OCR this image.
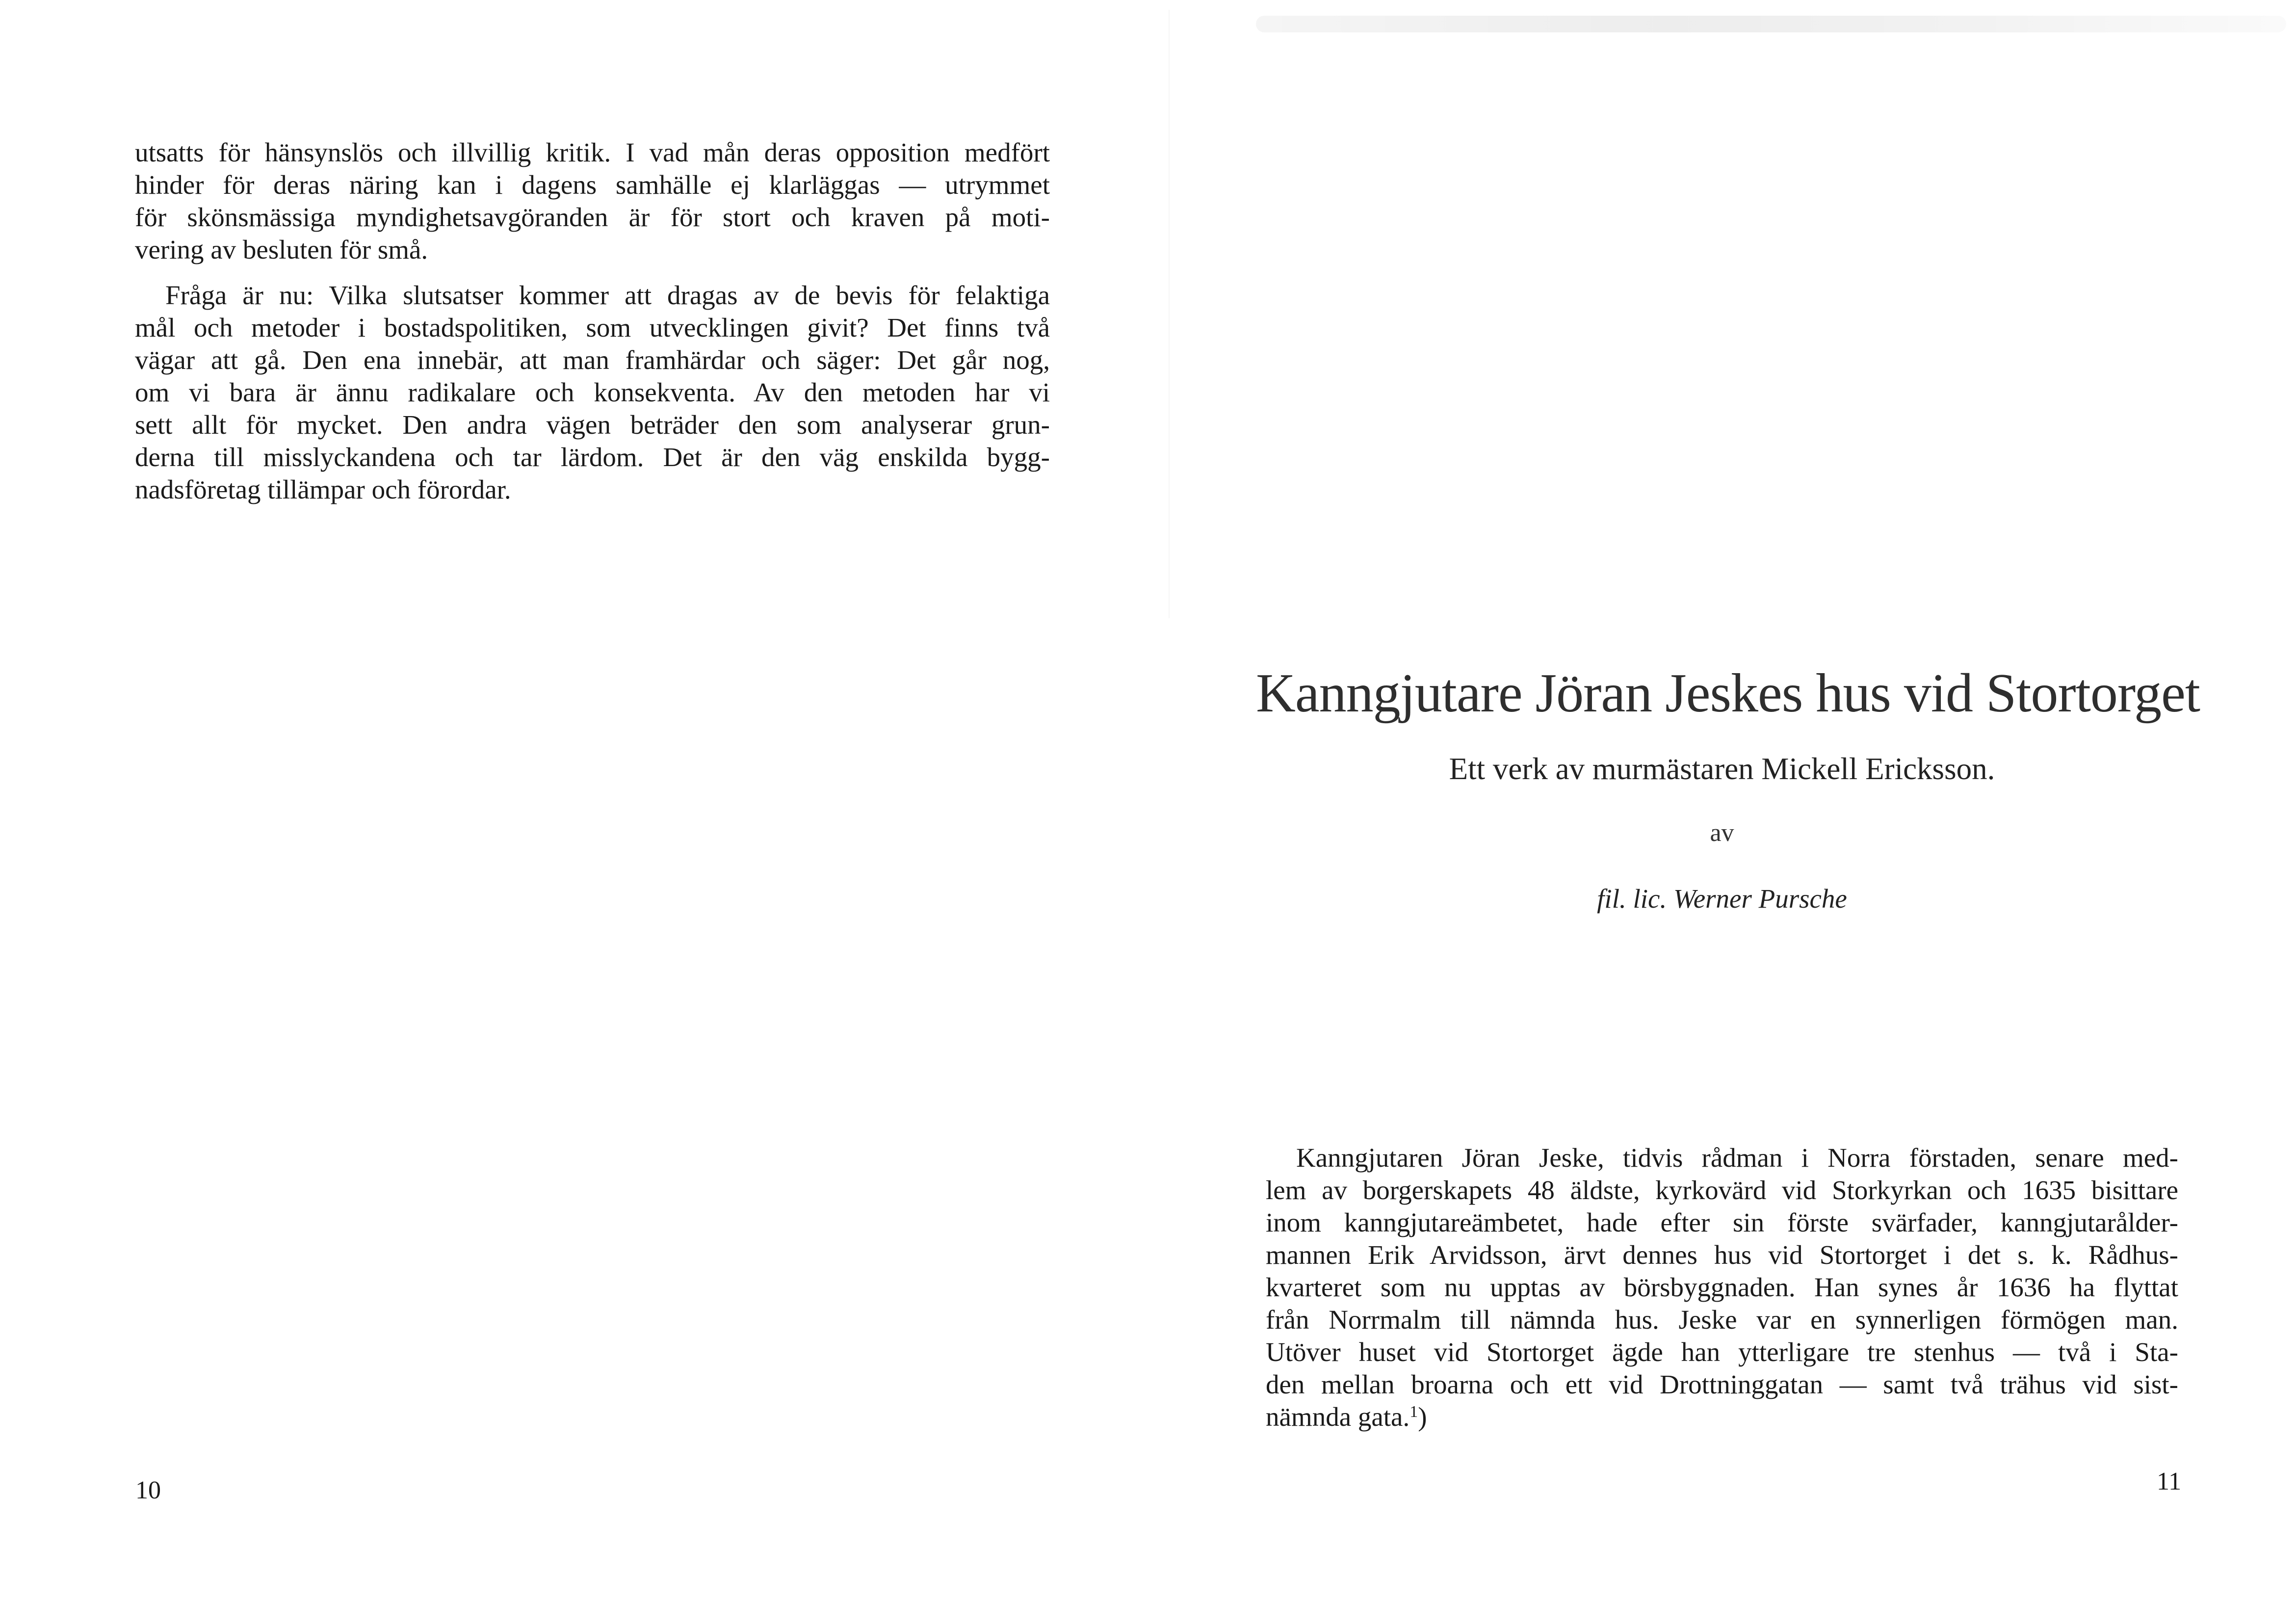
utsatts för hänsynslös och illvillig kritik. I vad mån deras opposition medfört
hinder för deras näring kan i dagens samhälle ej klarläggas — utrymmet
för skönsmässiga myndighetsavgöranden är för stort och kraven på moti-
vering av besluten för små.
Fråga är nu: Vilka slutsatser kommer att dragas av de bevis för felaktiga
mål och metoder i bostadspolitiken, som utvecklingen givit? Det finns två
vägar att gå. Den ena innebär, att man framhärdar och säger: Det går nog,
om vi bara är ännu radikalare och konsekventa. Av den metoden har vi
sett allt för mycket. Den andra vägen beträder den som analyserar grun-
derna till misslyckandena och tar lärdom. Det är den väg enskilda bygg-
nadsföretag tillämpar och förordar.
10
Kanngjutare Jöran Jeskes hus vid Stortorget
Ett verk av murmästaren Mickell Ericksson.
av
fil. lic. Werner Pursche
Kanngjutaren Jöran Jeske, tidvis rådman i Norra förstaden, senare med-
lem av borgerskapets 48 äldste, kyrkovärd vid Storkyrkan och 1635 bisittare
inom kanngjutareämbetet, hade efter sin förste svärfader, kanngjutarålder-
mannen Erik Arvidsson, ärvt dennes hus vid Stortorget i det s. k. Rådhus-
kvarteret som nu upptas av börsbyggnaden. Han synes år 1636 ha flyttat
från Norrmalm till nämnda hus. Jeske var en synnerligen förmögen man.
Utöver huset vid Stortorget ägde han ytterligare tre stenhus — två i Sta-
den mellan broarna och ett vid Drottninggatan — samt två trähus vid sist-
nämnda gata.$^1$)
11
